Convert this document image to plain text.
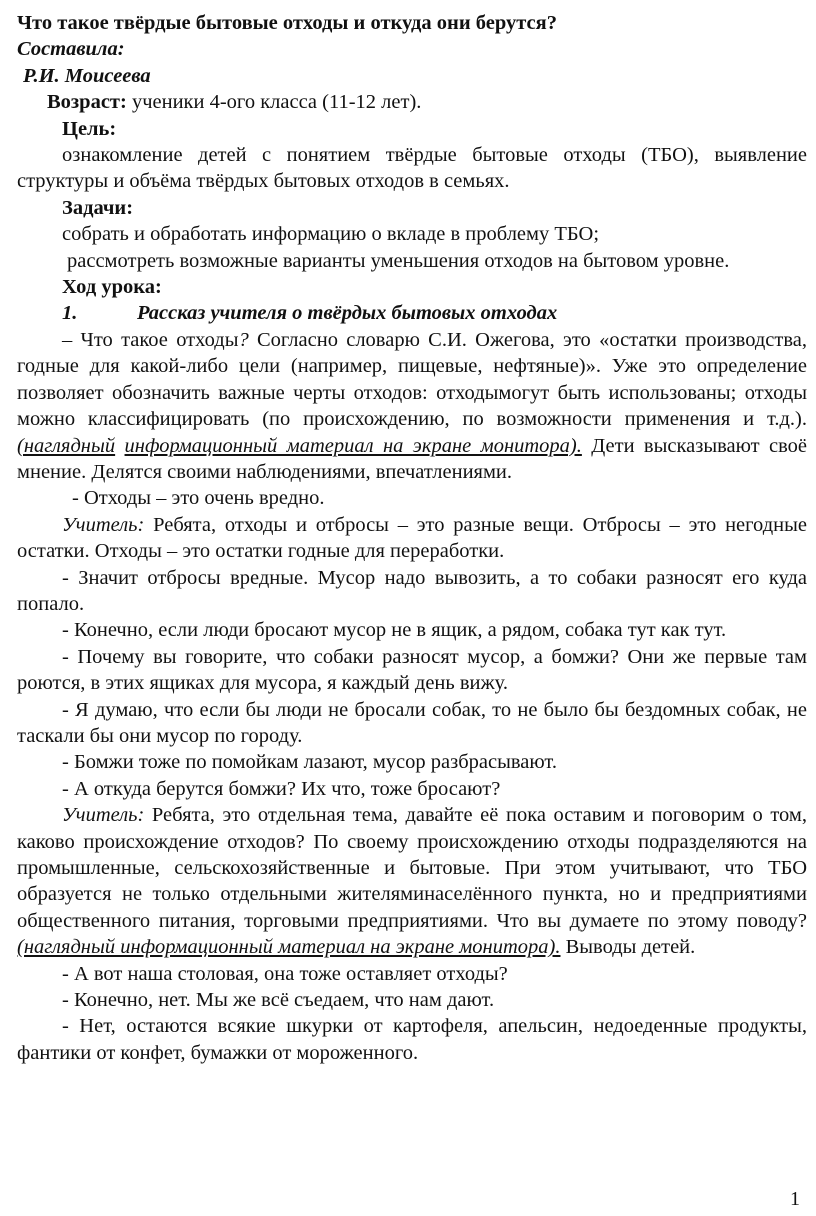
Что такое твёрдые бытовые отходы и откуда они берутся?

Составила:

Р.И. Моисеева

Возраст: ученики 4-ого класса (11-12 лет).

Цель:

ознакомление детей с понятием твёрдые бытовые отходы (ТБО), выявление структуры и объёма твёрдых бытовых отходов в семьях.

Задачи:

собрать и обработать информацию о вкладе в проблему ТБО;

рассмотреть возможные варианты уменьшения отходов на бытовом уровне.

Ход урока:

1.	Рассказ учителя о твёрдых бытовых отходах

– Что такое отходы? Согласно словарю С.И. Ожегова, это «остатки производства, годные для какой-либо цели (например, пищевые, нефтяные)». Уже это определение позволяет обозначить важные черты отходов: отходымогут быть использованы; отходы можно классифицировать (по происхождению, по возможности применения и т.д.). (наглядный информационный материал на экране монитора). Дети высказывают своё мнение. Делятся своими наблюдениями, впечатлениями.

- Отходы – это очень вредно.

Учитель: Ребята, отходы и отбросы – это разные вещи. Отбросы – это негодные остатки. Отходы – это остатки годные для переработки.

- Значит отбросы вредные. Мусор надо вывозить, а то собаки разносят его куда попало.

- Конечно, если люди бросают мусор не в ящик, а рядом, собака тут как тут.

- Почему вы говорите, что собаки разносят мусор, а бомжи? Они же первые там роются, в этих ящиках для мусора, я каждый день вижу.

- Я думаю, что если бы люди не бросали собак, то не было бы бездомных собак, не таскали бы они мусор по городу.

- Бомжи тоже по помойкам лазают, мусор разбрасывают.

- А откуда берутся бомжи? Их что, тоже бросают?

Учитель: Ребята, это отдельная тема, давайте её пока оставим и поговорим о том, каково происхождение отходов? По своему происхождению отходы подразделяются на промышленные, сельскохозяйственные и бытовые. При этом учитывают, что ТБО образуется не только отдельными жителяминаселённого пункта, но и предприятиями общественного питания, торговыми предприятиями. Что вы думаете по этому поводу? (наглядный информационный материал на экране монитора). Выводы детей.

- А вот наша столовая, она тоже оставляет отходы?

- Конечно, нет. Мы же всё съедаем, что нам дают.

- Нет, остаются всякие шкурки от картофеля, апельсин, недоеденные продукты, фантики от конфет, бумажки от мороженного.

1
